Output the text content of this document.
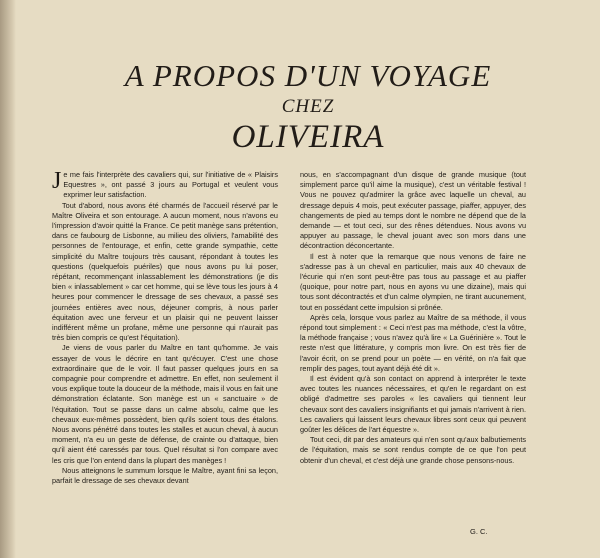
A PROPOS D'UN VOYAGE
CHEZ
OLIVEIRA

Je me fais l'interprète des cavaliers qui, sur l'initiative de « Plaisirs Equestres », ont passé 3 jours au Portugal et veulent vous exprimer leur satisfaction.

Tout d'abord, nous avons été charmés de l'accueil réservé par le Maître Oliveira et son entourage. A aucun moment, nous n'avons eu l'impression d'avoir quitté la France. Ce petit manège sans prétention, dans ce faubourg de Lisbonne, au milieu des oliviers, l'amabilité des personnes de l'entourage, et enfin, cette grande sympathie, cette simplicité du Maître toujours très causant, répondant à toutes les questions (quelquefois puériles) que nous avons pu lui poser, répétant, recommençant inlassablement les démonstrations (je dis bien « inlassablement » car cet homme, qui se lève tous les jours à 4 heures pour commencer le dressage de ses chevaux, a passé ses journées entières avec nous, déjeuner compris, à nous parler équitation avec une ferveur et un plaisir qui ne peuvent laisser indifférent même un profane, même une personne qui n'aurait pas très bien compris ce qu'est l'équitation).

Je viens de vous parler du Maître en tant qu'homme. Je vais essayer de vous le décrire en tant qu'écuyer. C'est une chose extraordinaire que de le voir. Il faut passer quelques jours en sa compagnie pour comprendre et admettre. En effet, non seulement il vous explique toute la douceur de la méthode, mais il vous en fait une démonstration éclatante. Son manège est un « sanctuaire » de l'équitation. Tout se passe dans un calme absolu, calme que les chevaux eux-mêmes possèdent, bien qu'ils soient tous des étalons. Nous avons pénétré dans toutes les stalles et aucun cheval, à aucun moment, n'a eu un geste de défense, de crainte ou d'attaque, bien qu'il aient été caressés par tous. Quel résultat si l'on compare avec les cris que l'on entend dans la plupart des manèges !

Nous atteignons le summum lorsque le Maître, ayant fini sa leçon, parfait le dressage de ses chevaux devant

nous, en s'accompagnant d'un disque de grande musique (tout simplement parce qu'il aime la musique), c'est un véritable festival ! Vous ne pouvez qu'admirer la grâce avec laquelle un cheval, au dressage depuis 4 mois, peut exécuter passage, piaffer, appuyer, des changements de pied au temps dont le nombre ne dépend que de la demande — et tout ceci, sur des rênes détendues. Nous avons vu appuyer au passage, le cheval jouant avec son mors dans une décontraction déconcertante.

Il est à noter que la remarque que nous venons de faire ne s'adresse pas à un cheval en particulier, mais aux 40 chevaux de l'écurie qui n'en sont peut-être pas tous au passage et au piaffer (quoique, pour notre part, nous en ayons vu une dizaine), mais qui tous sont décontractés et d'un calme olympien, ne tirant aucunement, tout en possédant cette impulsion si prônée.

Après cela, lorsque vous parlez au Maître de sa méthode, il vous répond tout simplement : « Ceci n'est pas ma méthode, c'est la vôtre, la méthode française ; vous n'avez qu'à lire « La Guérinière ». Tout le reste n'est que littérature, y compris mon livre. On est très fier de l'avoir écrit, on se prend pour un poète — en vérité, on n'a fait que remplir des pages, tout ayant déjà été dit ».

Il est évident qu'à son contact on apprend à interpréter le texte avec toutes les nuances nécessaires, et qu'en le regardant on est obligé d'admettre ses paroles « les cavaliers qui tiennent leur chevaux sont des cavaliers insignifiants et qui jamais n'arrivent à rien. Les cavaliers qui laissent leurs chevaux libres sont ceux qui peuvent goûter les délices de l'art équestre ».

Tout ceci, dit par des amateurs qui n'en sont qu'aux balbutiements de l'équitation, mais se sont rendus compte de ce que l'on peut obtenir d'un cheval, et c'est déjà une grande chose pensons-nous.

G. C.
